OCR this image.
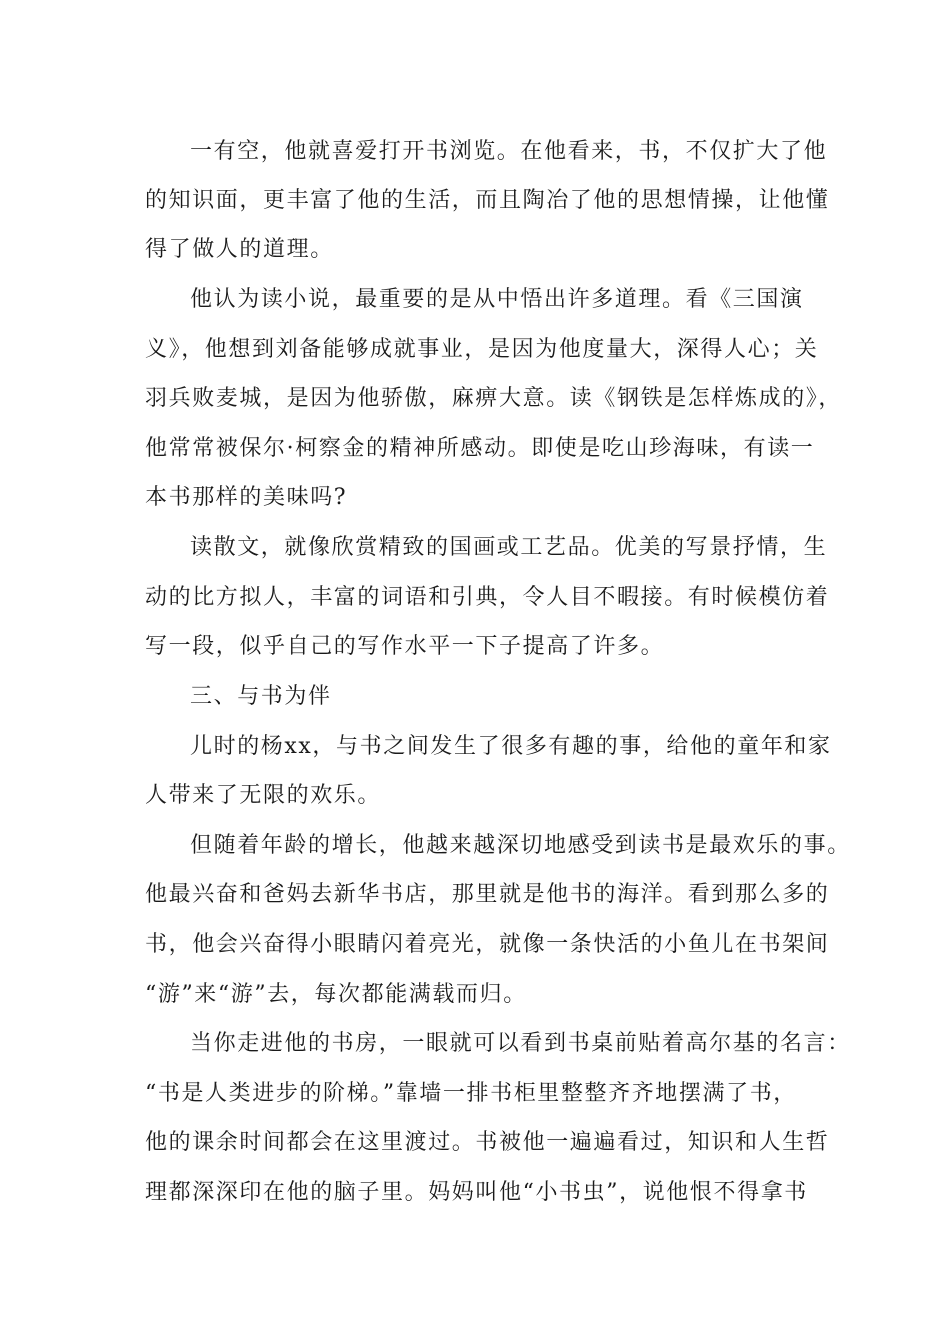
一有空，他就喜爱打开书浏览。在他看来，书，不仅扩大了他

的知识面，更丰富了他的生活，而且陶冶了他的思想情操，让他懂

得了做人的道理。

他认为读小说，最重要的是从中悟出许多道理。看《三国演

义》，他想到刘备能够成就事业，是因为他度量大，深得人心；关

羽兵败麦城，是因为他骄傲，麻痹大意。读《钢铁是怎样炼成的》，

他常常被保尔·柯察金的精神所感动。即使是吃山珍海味，有读一

本书那样的美味吗?

读散文，就像欣赏精致的国画或工艺品。优美的写景抒情，生

动的比方拟人，丰富的词语和引典，令人目不暇接。有时候模仿着

写一段，似乎自己的写作水平一下子提高了许多。

三、与书为伴

儿时的杨xx，与书之间发生了很多有趣的事，给他的童年和家

人带来了无限的欢乐。

但随着年龄的增长，他越来越深切地感受到读书是最欢乐的事。

他最兴奋和爸妈去新华书店，那里就是他书的海洋。看到那么多的

书，他会兴奋得小眼睛闪着亮光，就像一条快活的小鱼儿在书架间

“游”来“游”去，每次都能满载而归。

当你走进他的书房，一眼就可以看到书桌前贴着高尔基的名言：

“书是人类进步的阶梯。”靠墙一排书柜里整整齐齐地摆满了书，

他的课余时间都会在这里渡过。书被他一遍遍看过，知识和人生哲

理都深深印在他的脑子里。妈妈叫他“小书虫”，说他恨不得拿书
